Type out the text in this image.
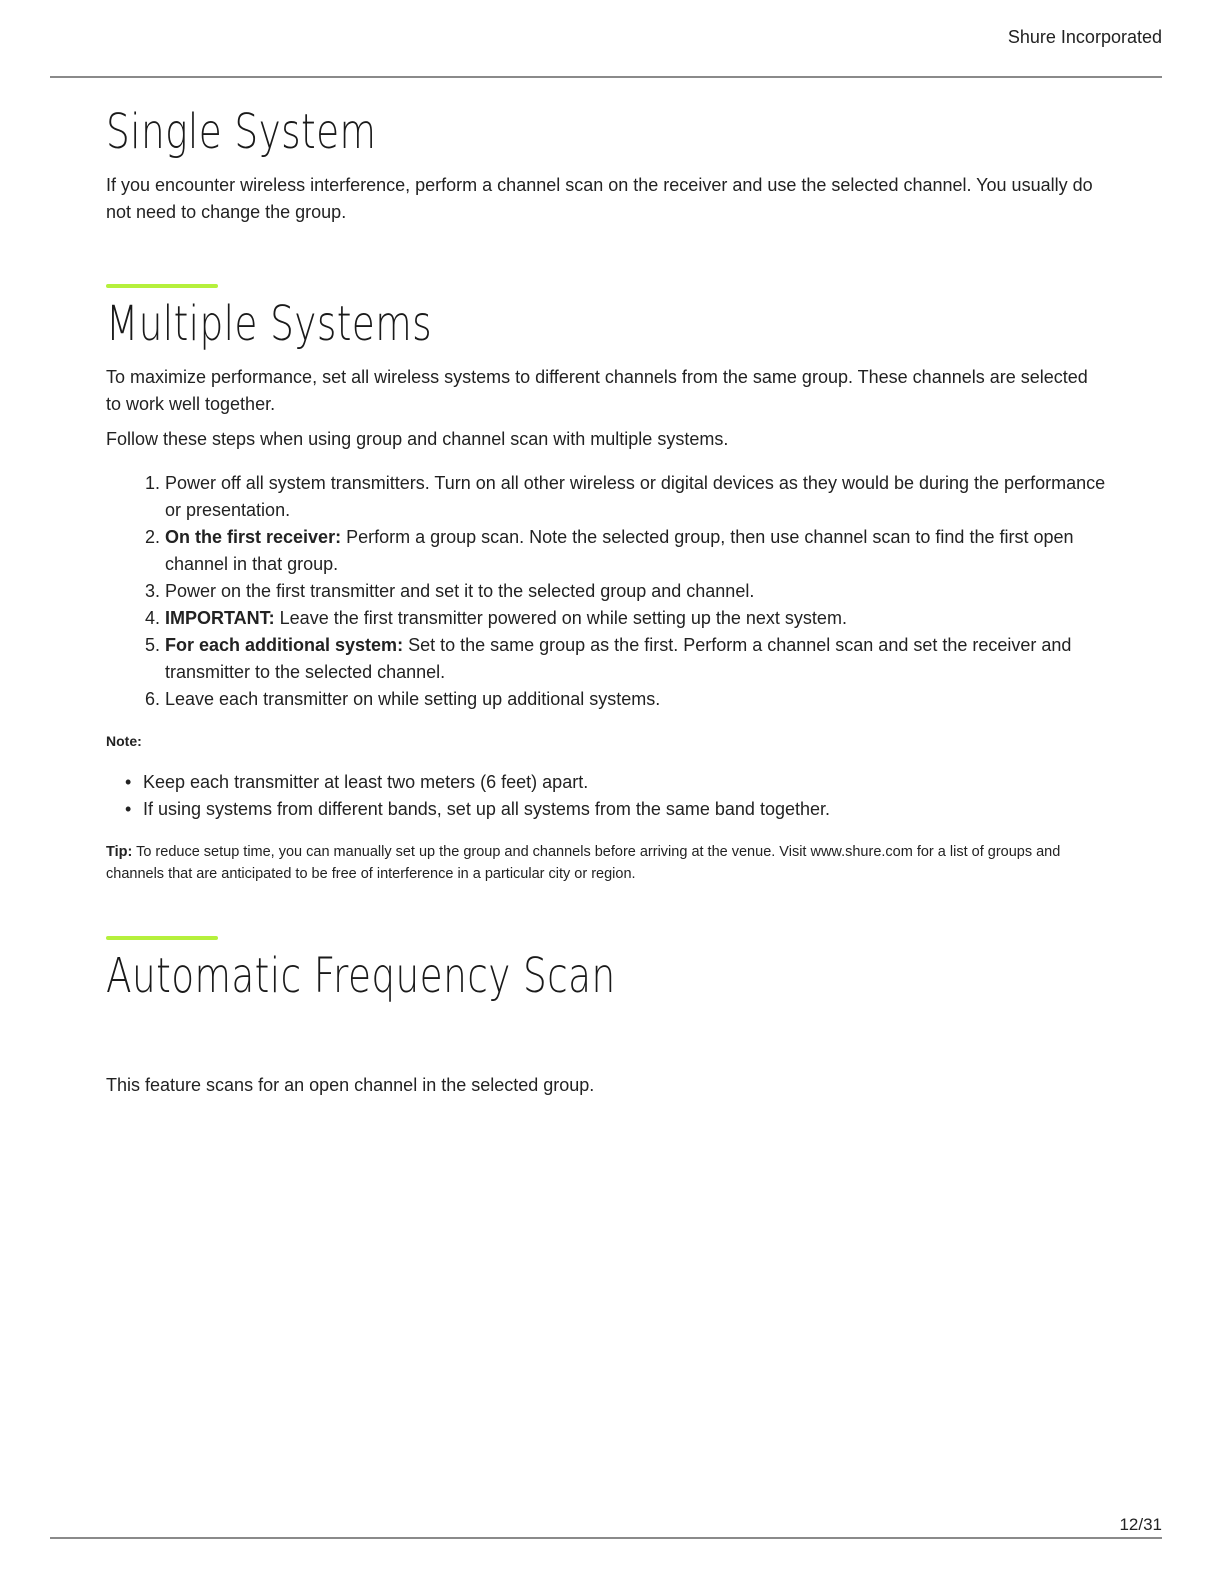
Shure Incorporated
Single System

If you encounter wireless interference, perform a channel scan on the receiver and use the selected channel. You usually do not need to change the group.

Multiple Systems

To maximize performance, set all wireless systems to different channels from the same group. These channels are selected to work well together.

Follow these steps when using group and channel scan with multiple systems.

1. Power off all system transmitters. Turn on all other wireless or digital devices as they would be during the performance or presentation.
2. On the first receiver: Perform a group scan. Note the selected group, then use channel scan to find the first open channel in that group.
3. Power on the first transmitter and set it to the selected group and channel.
4. IMPORTANT: Leave the first transmitter powered on while setting up the next system.
5. For each additional system: Set to the same group as the first. Perform a channel scan and set the receiver and transmitter to the selected channel.
6. Leave each transmitter on while setting up additional systems.

Note:

• Keep each transmitter at least two meters (6 feet) apart.
• If using systems from different bands, set up all systems from the same band together.

Tip: To reduce setup time, you can manually set up the group and channels before arriving at the venue. Visit www.shure.com for a list of groups and channels that are anticipated to be free of interference in a particular city or region.

Automatic Frequency Scan

This feature scans for an open channel in the selected group.

12/31
